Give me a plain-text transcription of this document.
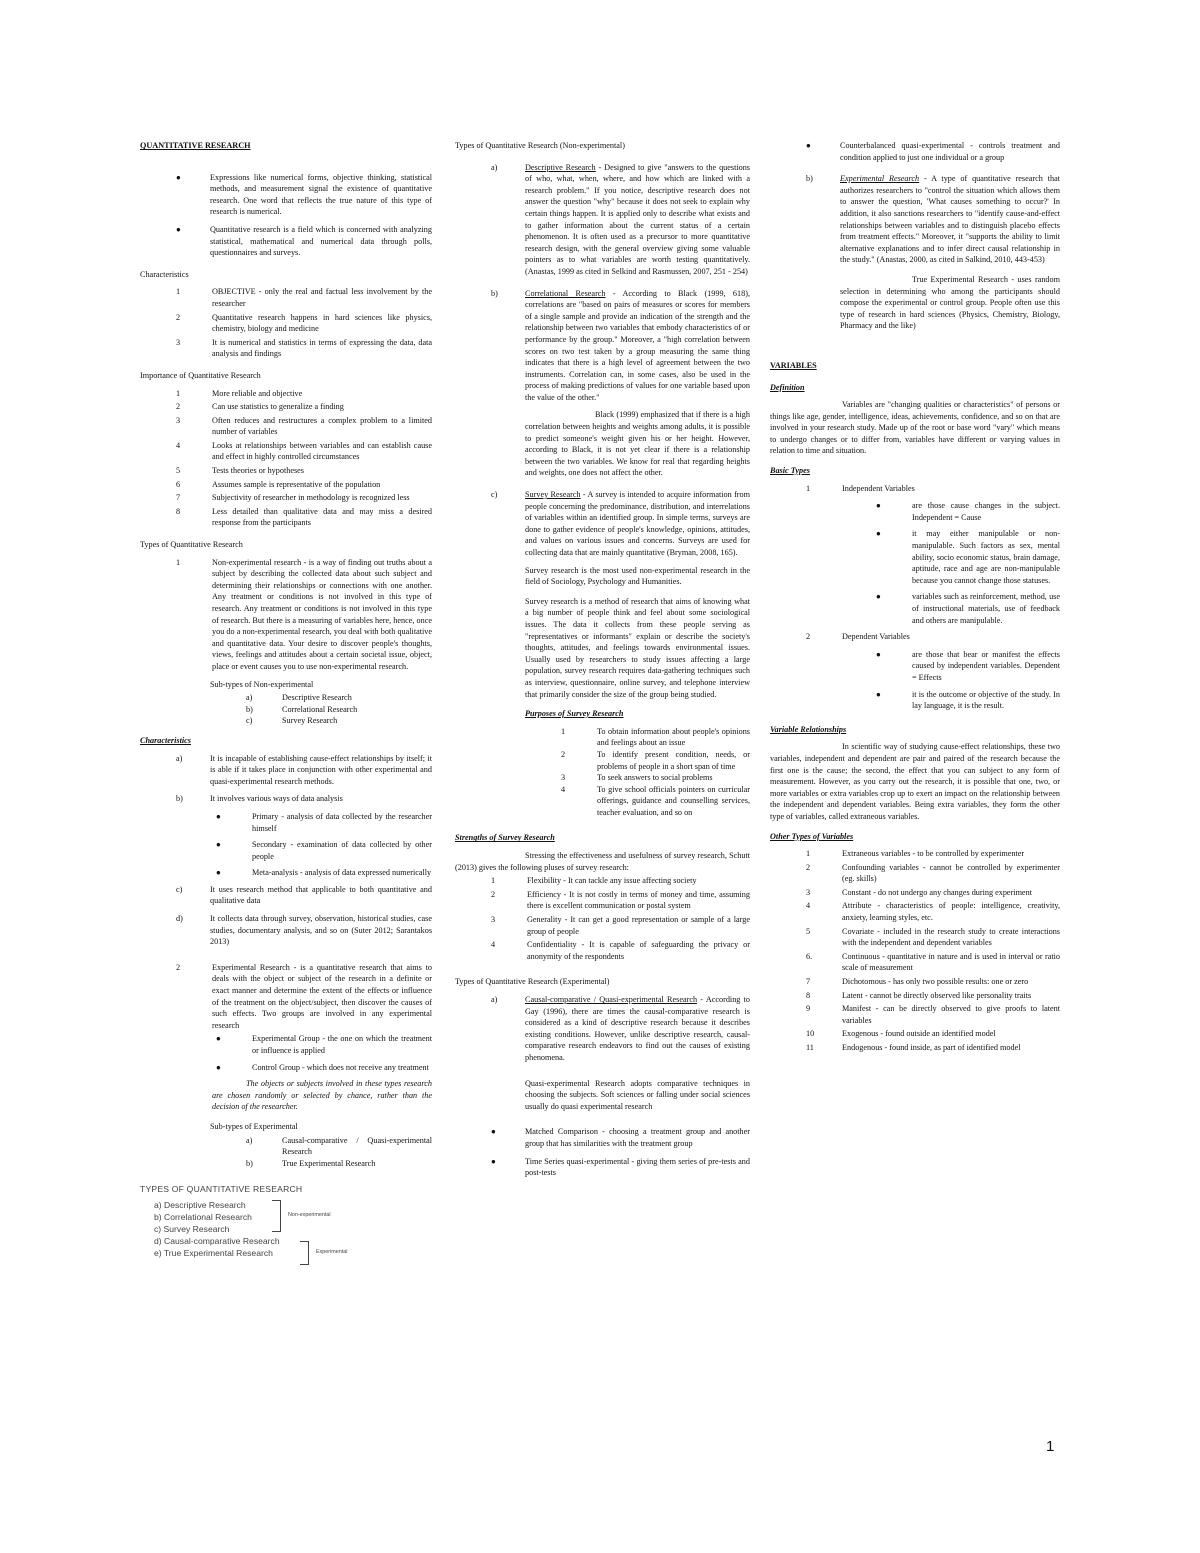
QUANTITATIVE RESEARCH
●	Expressions like numerical forms, objective thinking, statistical methods, and measurement signal the existence of quantitative research. One word that reflects the true nature of this type of research is numerical.
●	Quantitative research is a field which is concerned with analyzing statistical, mathematical and numerical data through polls, questionnaires and surveys.
Characteristics
1	OBJECTIVE - only the real and factual less involvement by the researcher
2	Quantitative research happens in hard sciences like physics, chemistry, biology and medicine
3	It is numerical and statistics in terms of expressing the data, data analysis and findings
Importance of Quantitative Research
1	More reliable and objective
2	Can use statistics to generalize a finding
3	Often reduces and restructures a complex problem to a limited number of variables
4	Looks at relationships between variables and can establish cause and effect in highly controlled circumstances
5	Tests theories or hypotheses
6	Assumes sample is representative of the population
7	Subjectivity of researcher in methodology is recognized less
8	Less detailed than qualitative data and may miss a desired response from the participants
Types of Quantitative Research
1	Non-experimental research - is a way of finding out truths about a subject by describing the collected data about such subject and determining their relationships or connections with one another. Any treatment or conditions is not involved in this type of research. Any treatment or conditions is not involved in this type of research. But there is a measuring of variables here, hence, once you do a non-experimental research, you deal with both qualitative and quantitative data. Your desire to discover people's thoughts, views, feelings and attitudes about a certain societal issue, object, place or event causes you to use non-experimental research.
Sub-types of Non-experimental
a)	Descriptive Research
b)	Correlational Research
c)	Survey Research
Characteristics
a)	It is incapable of establishing cause-effect relationships by itself; it is able if it takes place in conjunction with other experimental and quasi-experimental research methods.
b)	It involves various ways of data analysis
●	Primary - analysis of data collected by the researcher himself
●	Secondary - examination of data collected by other people
●	Meta-analysis - analysis of data expressed numerically
c)	It uses research method that applicable to both quantitative and qualitative data
d)	It collects data through survey, observation, historical studies, case studies, documentary analysis, and so on (Suter 2012; Sarantakos 2013)
2	Experimental Research - is a quantitative research that aims to deals with the object or subject of the research in a definite or exact manner and determine the extent of the effects or influence of the treatment on the object/subject, then discover the causes of such effects. Two groups are involved in any experimental research
●	Experimental Group - the one on which the treatment or influence is applied
●	Control Group - which does not receive any treatment
The objects or subjects involved in these types research are chosen randomly or selected by chance, rather than the decision of the researcher.
Sub-types of Experimental
a)	Causal-comparative / Quasi-experimental Research
b)	True Experimental Research
TYPES OF QUANTITATIVE RESEARCH
a) Descriptive Research
b) Correlational Research
c) Survey Research
d) Causal-comparative Research
e) True Experimental Research
Non-experimental
Experimental
Types of Quantitative Research (Non-experimental)
a)	Descriptive Research - Designed to give "answers to the questions of who, what, when, where, and how which are linked with a research problem." If you notice, descriptive research does not answer the question "why" because it does not seek to explain why certain things happen. It is applied only to describe what exists and to gather information about the current status of a certain phenomenon. It is often used as a precursor to more quantitative research design, with the general overview giving some valuable pointers as to what variables are worth testing quantitatively. (Anastas, 1999 as cited in Selkind and Rasmussen, 2007, 251 - 254)
b)	Correlational Research - According to Black (1999, 618), correlations are "based on pairs of measures or scores for members of a single sample and provide an indication of the strength and the relationship between two variables that embody characteristics of or performance by the group." Moreover, a "high correlation between scores on two test taken by a group measuring the same thing indicates that there is a high level of agreement between the two instruments. Correlation can, in some cases, also be used in the process of making predictions of values for one variable based upon the value of the other."
Black (1999) emphasized that if there is a high correlation between heights and weights among adults, it is possible to predict someone's weight given his or her height. However, according to Black, it is not yet clear if there is a relationship between the two variables. We know for real that regarding heights and weights, one does not affect the other.
c)	Survey Research - A survey is intended to acquire information from people concerning the predominance, distribution, and interrelations of variables within an identified group. In simple terms, surveys are done to gather evidence of people's knowledge, opinions, attitudes, and values on various issues and concerns. Surveys are used for collecting data that are mainly quantitative (Bryman, 2008, 165).
Survey research is the most used non-experimental research in the field of Sociology, Psychology and Humanities.
Survey research is a method of research that aims of knowing what a big number of people think and feel about some sociological issues. The data it collects from these people serving as "representatives or informants" explain or describe the society's thoughts, attitudes, and feelings towards environmental issues. Usually used by researchers to study issues affecting a large population, survey research requires data-gathering techniques such as interview, questionnaire, online survey, and telephone interview that primarily consider the size of the group being studied.
Purposes of Survey Research
1	To obtain information about people's opinions and feelings about an issue
2	To identify present condition, needs, or problems of people in a short span of time
3	To seek answers to social problems
4	To give school officials pointers on curricular offerings, guidance and counselling services, teacher evaluation, and so on
Strengths of Survey Research
Stressing the effectiveness and usefulness of survey research, Schutt (2013) gives the following pluses of survey research:
1	Flexibility - It can tackle any issue affecting society
2	Efficiency - It is not costly in terms of money and time, assuming there is excellent communication or postal system
3	Generality - It can get a good representation or sample of a large group of people
4	Confidentiality - It is capable of safeguarding the privacy or anonymity of the respondents
Types of Quantitative Research (Experimental)
a)	Causal-comparative / Quasi-experimental Research - According to Gay (1996), there are times the causal-comparative research is considered as a kind of descriptive research because it describes existing conditions. However, unlike descriptive research, causal-comparative research endeavors to find out the causes of existing phenomena.
Quasi-experimental Research adopts comparative techniques in choosing the subjects. Soft sciences or falling under social sciences usually do quasi experimental research
●	Matched Comparison - choosing a treatment group and another group that has similarities with the treatment group
●	Time Series quasi-experimental - giving them series of pre-tests and post-tests
●	Counterbalanced quasi-experimental - controls treatment and condition applied to just one individual or a group
b)	Experimental Research - A type of quantitative research that authorizes researchers to "control the situation which allows them to answer the question, 'What causes something to occur?' In addition, it also sanctions researchers to "identify cause-and-effect relationships between variables and to distinguish placebo effects from treatment effects." Moreover, it "supports the ability to limit alternative explanations and to infer direct causal relationship in the study." (Anastas, 2000, as cited in Salkind, 2010, 443-453)
True Experimental Research - uses random selection in determining who among the participants should compose the experimental or control group. People often use this type of research in hard sciences (Physics, Chemistry, Biology, Pharmacy and the like)
VARIABLES
Definition
Variables are "changing qualities or characteristics" of persons or things like age, gender, intelligence, ideas, achievements, confidence, and so on that are involved in your research study. Made up of the root or base word "vary" which means to undergo changes or to differ from, variables have different or varying values in relation to time and situation.
Basic Types
1	Independent Variables
●	are those cause changes in the subject. Independent = Cause
●	it may either manipulable or non-manipulable. Such factors as sex, mental ability, socio economic status, brain damage, aptitude, race and age are non-manipulable because you cannot change those statuses.
●	variables such as reinforcement, method, use of instructional materials, use of feedback and others are manipulable.
2	Dependent Variables
●	are those that bear or manifest the effects caused by independent variables. Dependent = Effects
●	it is the outcome or objective of the study. In lay language, it is the result.
Variable Relationships
In scientific way of studying cause-effect relationships, these two variables, independent and dependent are pair and paired of the research because the first one is the cause; the second, the effect that you can subject to any form of measurement. However, as you carry out the research, it is possible that one, two, or more variables or extra variables crop up to exert an impact on the relationship between the independent and dependent variables. Being extra variables, they form the other type of variables, called extraneous variables.
Other Types of Variables
1	Extraneous variables - to be controlled by experimenter
2	Confounding variables - cannot be controlled by experimenter (eg. skills)
3	Constant - do not undergo any changes during experiment
4	Attribute - characteristics of people: intelligence, creativity, anxiety, learning styles, etc.
5	Covariate - included in the research study to create interactions with the independent and dependent variables
6.	Continuous - quantitative in nature and is used in interval or ratio scale of measurement
7	Dichotomous - has only two possible results: one or zero
8	Latent - cannot be directly observed like personality traits
9	Manifest - can be directly observed to give proofs to latent variables
10	Exogenous - found outside an identified model
11	Endogenous - found inside, as part of identified model
1
